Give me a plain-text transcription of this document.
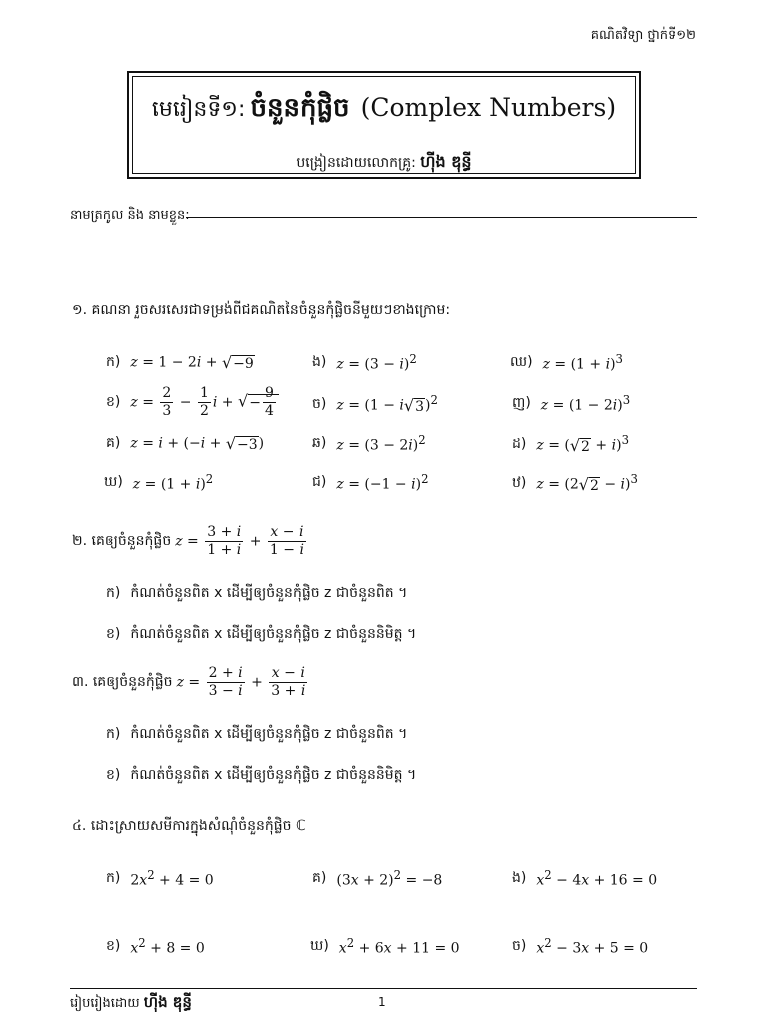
គណិតវិទ្យា ថ្នាក់ទី១២
មេរៀនទី១: ចំនួនកុំផ្លិច (Complex Numbers)
បង្រៀនដោយលោកគ្រូ: ហ៊ីង ឌុន្ធី
នាមត្រកូល និង នាមខ្លួន:
១. គណនា រួចសរសេរជាទម្រង់ពីជគណិតនៃចំនួនកុំផ្លិចនីមួយៗខាងក្រោម:
ក) z = 1 − 2i + √−9
ខ) $z = \frac{2}{3} - \frac{1}{2}$ i + √− $\frac{9}{4}$
គ) z = i + (−i + √−3)
ឃ) $z = (1 + i)^2$
ង) $z = (3 - i)^2$
ច) $z = (1 - i√3)^2$
ឆ) $z = (3 - 2i)^2$
ជ) $z = (-1 - i)^2$
ឈ) $z = (1 + i)^3$
ញ) $z = (1 - 2i)^3$
ដ) $z = (√2 + i)^3$
ឋ) $z = (2√2 - i)^3$
២. គេឲ្យចំនួនកុំផ្លិច $z = \frac{3 + i}{1 + i} + \frac{x - i}{1 - i}$
ក) កំណត់ចំនួនពិត x ដើម្បីឲ្យចំនួនកុំផ្លិច z ជាចំនួនពិត ។
ខ) កំណត់ចំនួនពិត x ដើម្បីឲ្យចំនួនកុំផ្លិច z ជាចំនួននិមិត្ត ។
៣. គេឲ្យចំនួនកុំផ្លិច $z = \frac{2 + i}{3 - i} + \frac{x - i}{3 + i}$
ក) កំណត់ចំនួនពិត x ដើម្បីឲ្យចំនួនកុំផ្លិច z ជាចំនួនពិត ។
ខ) កំណត់ចំនួនពិត x ដើម្បីឲ្យចំនួនកុំផ្លិច z ជាចំនួននិមិត្ត ។
៤. ដោះស្រាយសមីការក្នុងសំណុំចំនួនកុំផ្លិច ℂ
ក) $2x^2 + 4 = 0$
ខ) $x^2 + 8 = 0$
គ) $(3x + 2)^2 = -8$
ឃ) $x^2 + 6x + 11 = 0$
ង) $x^2 - 4x + 16 = 0$
ច) $x^2 - 3x + 5 = 0$
រៀបរៀងដោយ ហ៊ីង ឌុន្ធី	1
